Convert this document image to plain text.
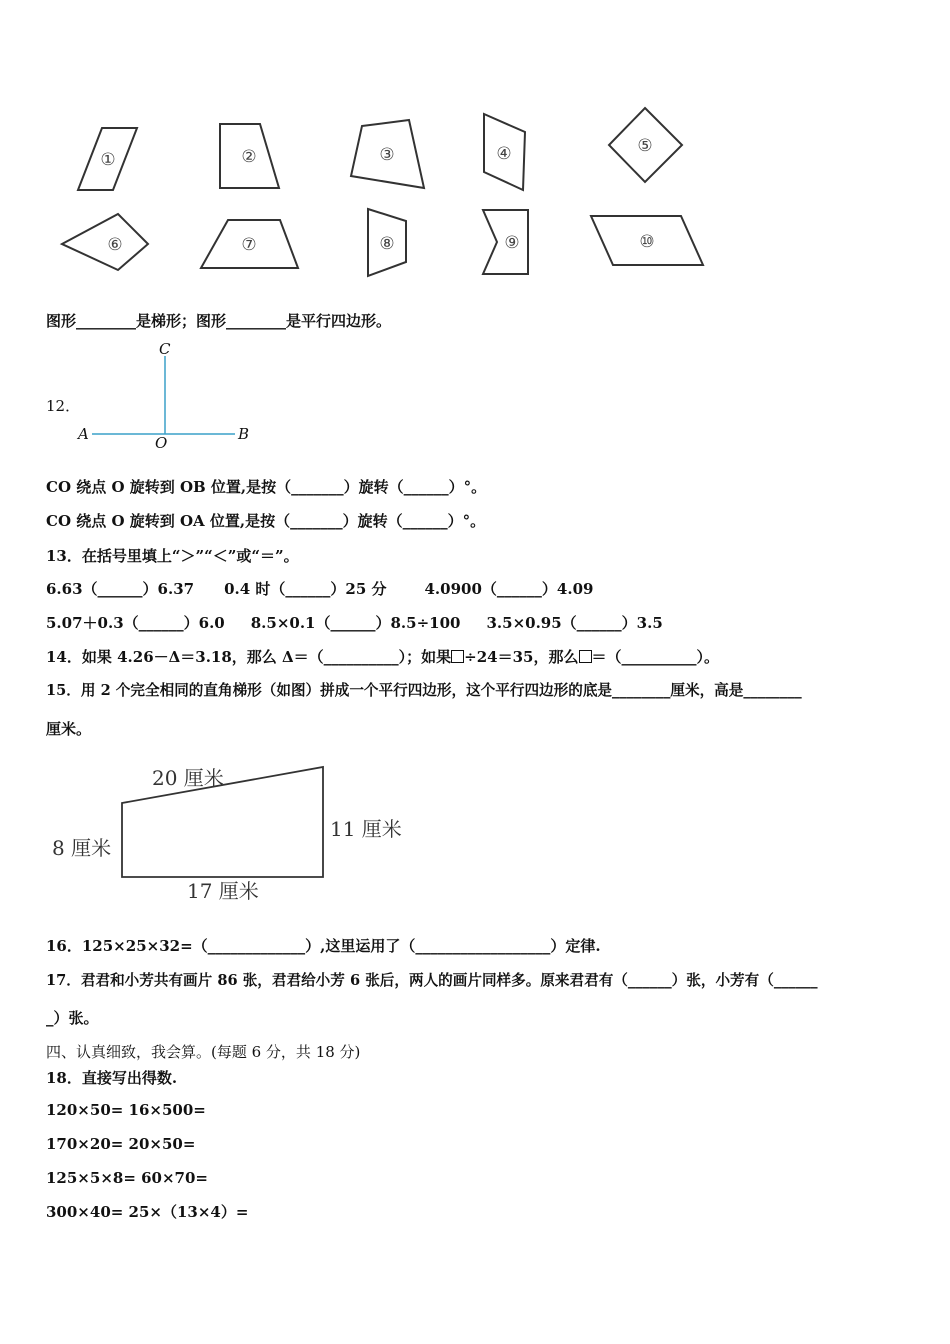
①	②	③	④	⑤
⑥	⑦	⑧	⑨	⑩
图形________是梯形；图形________是平行四边形。
12．
C
A	O	B
CO 绕点 O 旋转到 OB 位置,是按（_______）旋转（______）°。
CO 绕点 O 旋转到 OA 位置,是按（_______）旋转（______）°。
13．在括号里填上“＞”“＜”或“＝”。
6.63（______）6.37 0.4 时（______）25 分	4.0900（______）4.09
5.07＋0.3（______）6.0 8.5×0.1（______）8.5÷100 3.5×0.95（______）3.5
14．如果 4.26－Δ＝3.18，那么 Δ＝（__________）；如果 ÷24＝35，那么 ＝（__________）。
15．用 2 个完全相同的直角梯形（如图）拼成一个平行四边形，这个平行四边形的底是________厘米，高是________
厘米。
20 厘米
8 厘米
11 厘米
17 厘米
16．125×25×32=（_____________）,这里运用了（__________________）定律.
17．君君和小芳共有画片 86 张，君君给小芳 6 张后，两人的画片同样多。原来君君有（______）张，小芳有（______
_）张。
四、认真细致，我会算。(每题 6 分，共 18 分)
18．直接写出得数.
120×50= 16×500=
170×20= 20×50=
125×5×8= 60×70=
300×40= 25×（13×4）=
